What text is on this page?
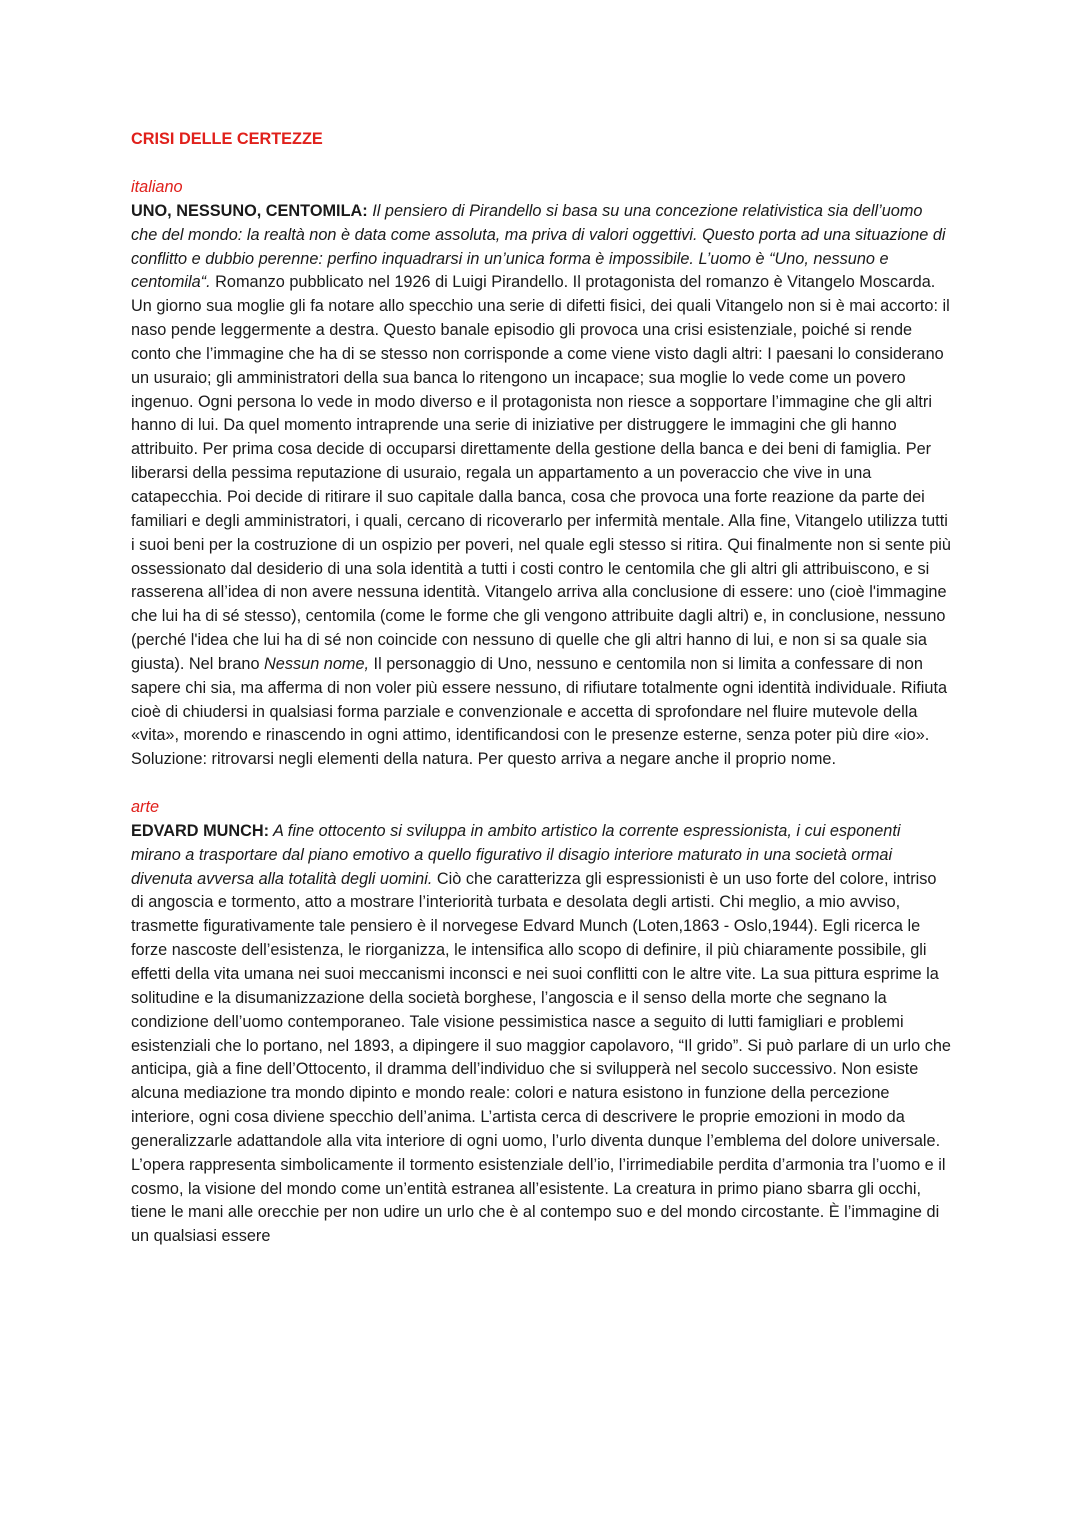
CRISI DELLE CERTEZZE
italiano

UNO, NESSUNO, CENTOMILA: Il pensiero di Pirandello si basa su una concezione relativistica sia dell’uomo che del mondo: la realtà non è data come assoluta, ma priva di valori oggettivi. Questo porta ad una situazione di conflitto e dubbio perenne: perfino inquadrarsi in un’unica forma è impossibile. L’uomo è “Uno, nessuno e centomila“. Romanzo pubblicato nel 1926 di Luigi Pirandello. Il protagonista del romanzo è Vitangelo Moscarda. Un giorno sua moglie gli fa notare allo specchio una serie di difetti fisici, dei quali Vitangelo non si è mai accorto: il naso pende leggermente a destra. Questo banale episodio gli provoca una crisi esistenziale, poiché si rende conto che l’immagine che ha di se stesso non corrisponde a come viene visto dagli altri: I paesani lo considerano un usuraio; gli amministratori della sua banca lo ritengono un incapace; sua moglie lo vede come un povero ingenuo. Ogni persona lo vede in modo diverso e il protagonista non riesce a sopportare l’immagine che gli altri hanno di lui. Da quel momento intraprende una serie di iniziative per distruggere le immagini che gli hanno attribuito. Per prima cosa decide di occuparsi direttamente della gestione della banca e dei beni di famiglia. Per liberarsi della pessima reputazione di usuraio, regala un appartamento a un poveraccio che vive in una catapecchia. Poi decide di ritirare il suo capitale dalla banca, cosa che provoca una forte reazione da parte dei familiari e degli amministratori, i quali, cercano di ricoverarlo per infermità mentale. Alla fine, Vitangelo utilizza tutti i suoi beni per la costruzione di un ospizio per poveri, nel quale egli stesso si ritira. Qui finalmente non si sente più ossessionato dal desiderio di una sola identità a tutti i costi contro le centomila che gli altri gli attribuiscono, e si rasserena all’idea di non avere nessuna identità. Vitangelo arriva alla conclusione di essere: uno (cioè l'immagine che lui ha di sé stesso), centomila (come le forme che gli vengono attribuite dagli altri) e, in conclusione, nessuno (perché l'idea che lui ha di sé non coincide con nessuno di quelle che gli altri hanno di lui, e non si sa quale sia giusta). Nel brano Nessun nome, Il personaggio di Uno, nessuno e centomila non si limita a confessare di non sapere chi sia, ma afferma di non voler più essere nessuno, di rifiutare totalmente ogni identità individuale. Rifiuta cioè di chiudersi in qualsiasi forma parziale e convenzionale e accetta di sprofondare nel fluire mutevole della «vita», morendo e rinascendo in ogni attimo, identificandosi con le presenze esterne, senza poter più dire «io». Soluzione: ritrovarsi negli elementi della natura. Per questo arriva a negare anche il proprio nome.

arte

EDVARD MUNCH: A fine ottocento si sviluppa in ambito artistico la corrente espressionista, i cui esponenti mirano a trasportare dal piano emotivo a quello figurativo il disagio interiore maturato in una società ormai divenuta avversa alla totalità degli uomini. Ciò che caratterizza gli espressionisti è un uso forte del colore, intriso di angoscia e tormento, atto a mostrare l’interiorità turbata e desolata degli artisti. Chi meglio, a mio avviso, trasmette figurativamente tale pensiero è il norvegese Edvard Munch (Loten,1863 - Oslo,1944). Egli ricerca le forze nascoste dell’esistenza, le riorganizza, le intensifica allo scopo di definire, il più chiaramente possibile, gli effetti della vita umana nei suoi meccanismi inconsci e nei suoi conflitti con le altre vite. La sua pittura esprime la solitudine e la disumanizzazione della società borghese, l’angoscia e il senso della morte che segnano la condizione dell’uomo contemporaneo. Tale visione pessimistica nasce a seguito di lutti famigliari e problemi esistenziali che lo portano, nel 1893, a dipingere il suo maggior capolavoro, “Il grido”. Si può parlare di un urlo che anticipa, già a fine dell’Ottocento, il dramma dell’individuo che si svilupperà nel secolo successivo. Non esiste alcuna mediazione tra mondo dipinto e mondo reale: colori e natura esistono in funzione della percezione interiore, ogni cosa diviene specchio dell’anima. L’artista cerca di descrivere le proprie emozioni in modo da generalizzarle adattandole alla vita interiore di ogni uomo, l’urlo diventa dunque l’emblema del dolore universale. L’opera rappresenta simbolicamente il tormento esistenziale dell’io, l’irrimediabile perdita d’armonia tra l’uomo e il cosmo, la visione del mondo come un’entità estranea all’esistente. La creatura in primo piano sbarra gli occhi, tiene le mani alle orecchie per non udire un urlo che è al contempo suo e del mondo circostante. È l’immagine di un qualsiasi essere
